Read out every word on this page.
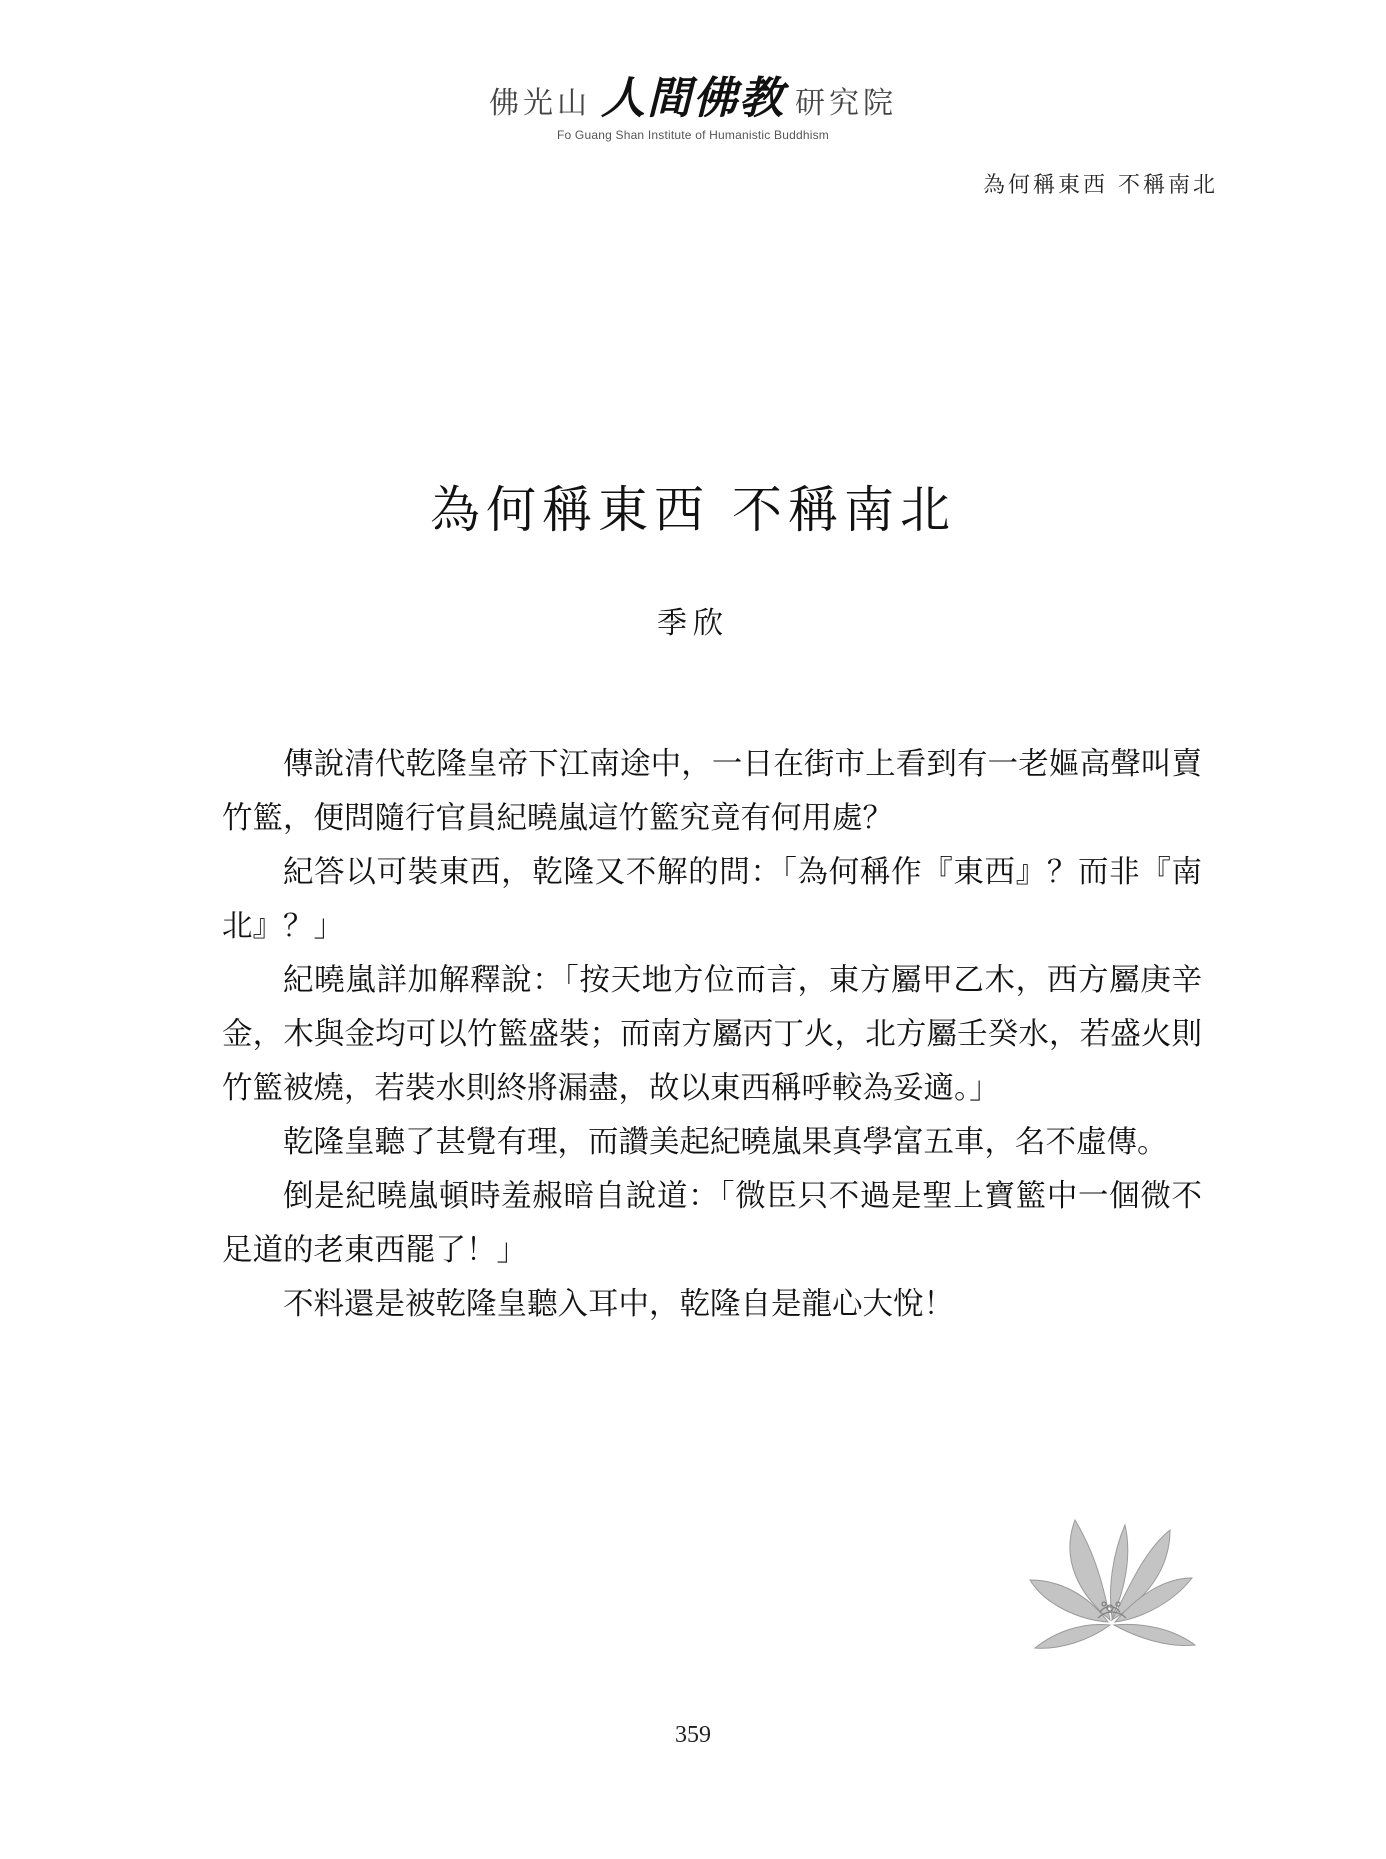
佛光山 人間佛教 研究院
Fo Guang Shan Institute of Humanistic Buddhism
為何稱東西 不稱南北
為何稱東西 不稱南北
季欣

傳說清代乾隆皇帝下江南途中，一日在街市上看到有一老嫗高聲叫賣竹籃，便問隨行官員紀曉嵐這竹籃究竟有何用處？

紀答以可裝東西，乾隆又不解的問：「為何稱作『東西』？而非『南北』？」

紀曉嵐詳加解釋說：「按天地方位而言，東方屬甲乙木，西方屬庚辛金，木與金均可以竹籃盛裝；而南方屬丙丁火，北方屬壬癸水，若盛火則竹籃被燒，若裝水則終將漏盡，故以東西稱呼較為妥適。」

乾隆皇聽了甚覺有理，而讚美起紀曉嵐果真學富五車，名不虛傳。

倒是紀曉嵐頓時羞赧暗自說道：「微臣只不過是聖上寶籃中一個微不足道的老東西罷了！」

不料還是被乾隆皇聽入耳中，乾隆自是龍心大悅！

359
